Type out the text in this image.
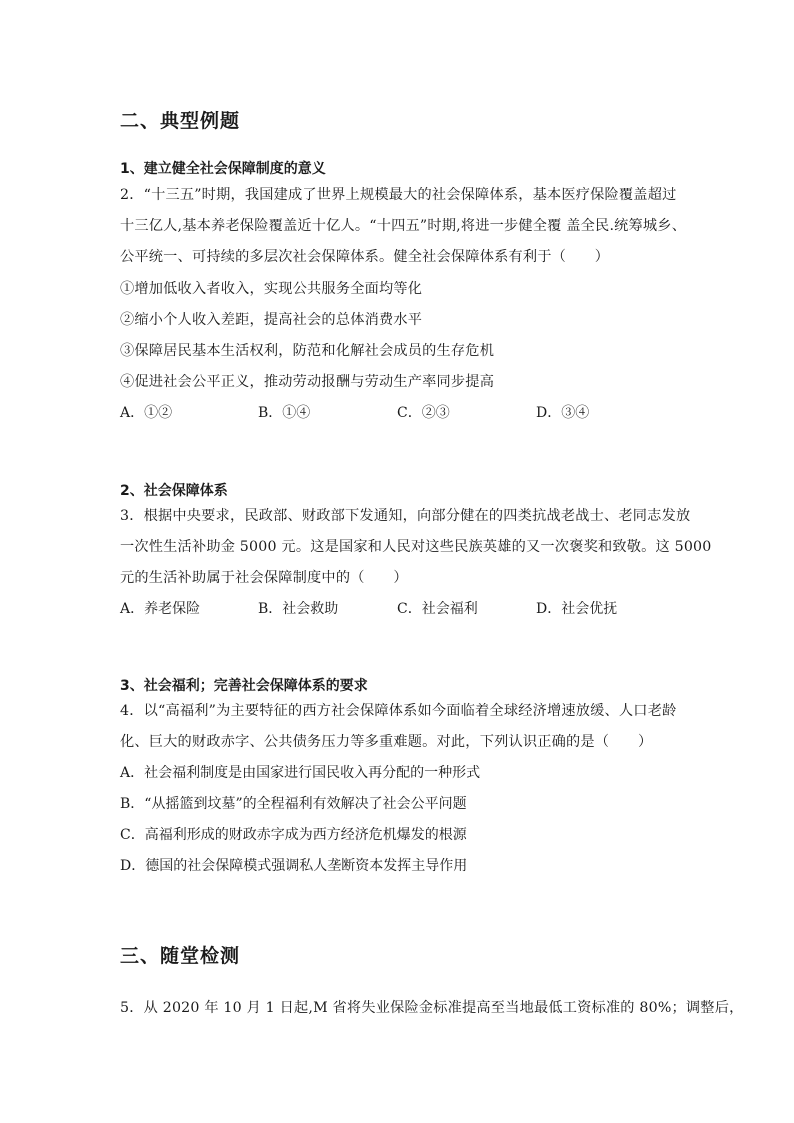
二、典型例题
1、建立健全社会保障制度的意义
2．“十三五”时期，我国建成了世界上规模最大的社会保障体系，基本医疗保险覆盖超过
十三亿人,基本养老保险覆盖近十亿人。“十四五”时期,将进一步健全覆 盖全民.统筹城乡、
公平统一、可持续的多层次社会保障体系。健全社会保障体系有利于（　　）
①增加低收入者收入，实现公共服务全面均等化
②缩小个人收入差距，提高社会的总体消费水平
③保障居民基本生活权利，防范和化解社会成员的生存危机
④促进社会公平正义，推动劳动报酬与劳动生产率同步提高
A．①②	B．①④	C．②③	D．③④
2、社会保障体系
3．根据中央要求，民政部、财政部下发通知，向部分健在的四类抗战老战士、老同志发放
一次性生活补助金 5000 元。这是国家和人民对这些民族英雄的又一次褒奖和致敬。这 5000
元的生活补助属于社会保障制度中的（　　）
A．养老保险	B．社会救助	C．社会福利	D．社会优抚
3、社会福利；完善社会保障体系的要求
4．以“高福利”为主要特征的西方社会保障体系如今面临着全球经济增速放缓、人口老龄
化、巨大的财政赤字、公共债务压力等多重难题。对此，下列认识正确的是（　　）
A．社会福利制度是由国家进行国民收入再分配的一种形式
B．“从摇篮到坟墓”的全程福利有效解决了社会公平问题
C．高福利形成的财政赤字成为西方经济危机爆发的根源
D．德国的社会保障模式强调私人垄断资本发挥主导作用
三、随堂检测
5．从 2020 年 10 月 1 日起,M 省将失业保险金标准提高至当地最低工资标准的 80%；调整后，
